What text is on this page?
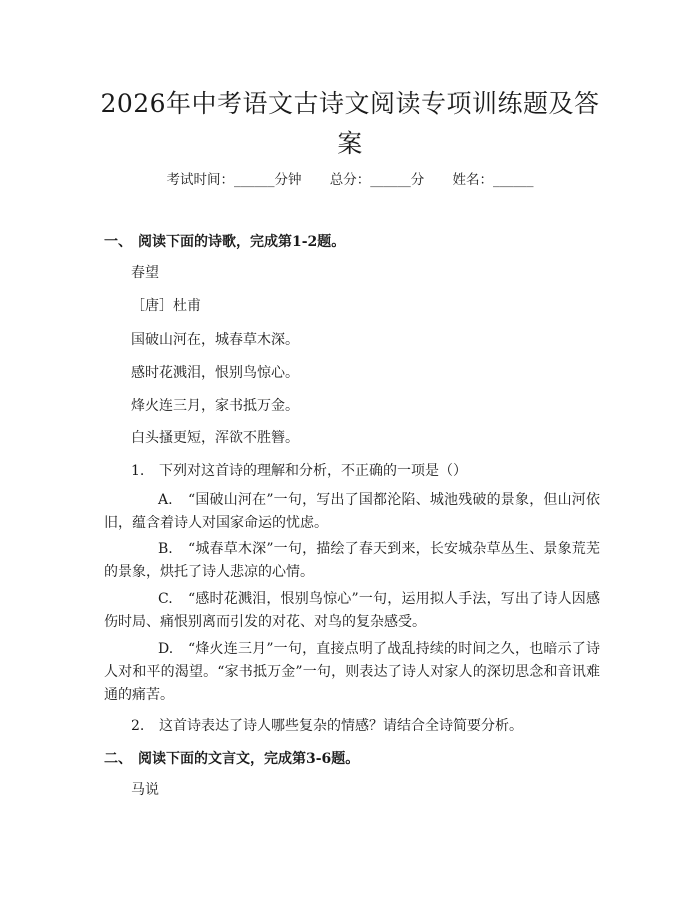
2026年中考语文古诗文阅读专项训练题及答案
考试时间：______分钟 总分：______分 姓名：______
一、 阅读下面的诗歌，完成第1-2题。
春望
［唐］杜甫
国破山河在，城春草木深。
感时花溅泪，恨别鸟惊心。
烽火连三月，家书抵万金。
白头搔更短，浑欲不胜簪。
1. 下列对这首诗的理解和分析，不正确的一项是（）
A. “国破山河在”一句，写出了国都沦陷、城池残破的景象，但山河依旧，蕴含着诗人对国家命运的忧虑。
B. “城春草木深”一句，描绘了春天到来，长安城杂草丛生、景象荒芜的景象，烘托了诗人悲凉的心情。
C. “感时花溅泪，恨别鸟惊心”一句，运用拟人手法，写出了诗人因感伤时局、痛恨别离而引发的对花、对鸟的复杂感受。
D. “烽火连三月”一句，直接点明了战乱持续的时间之久，也暗示了诗人对和平的渴望。“家书抵万金”一句，则表达了诗人对家人的深切思念和音讯难通的痛苦。
2. 这首诗表达了诗人哪些复杂的情感？请结合全诗简要分析。
二、 阅读下面的文言文，完成第3-6题。
马说
